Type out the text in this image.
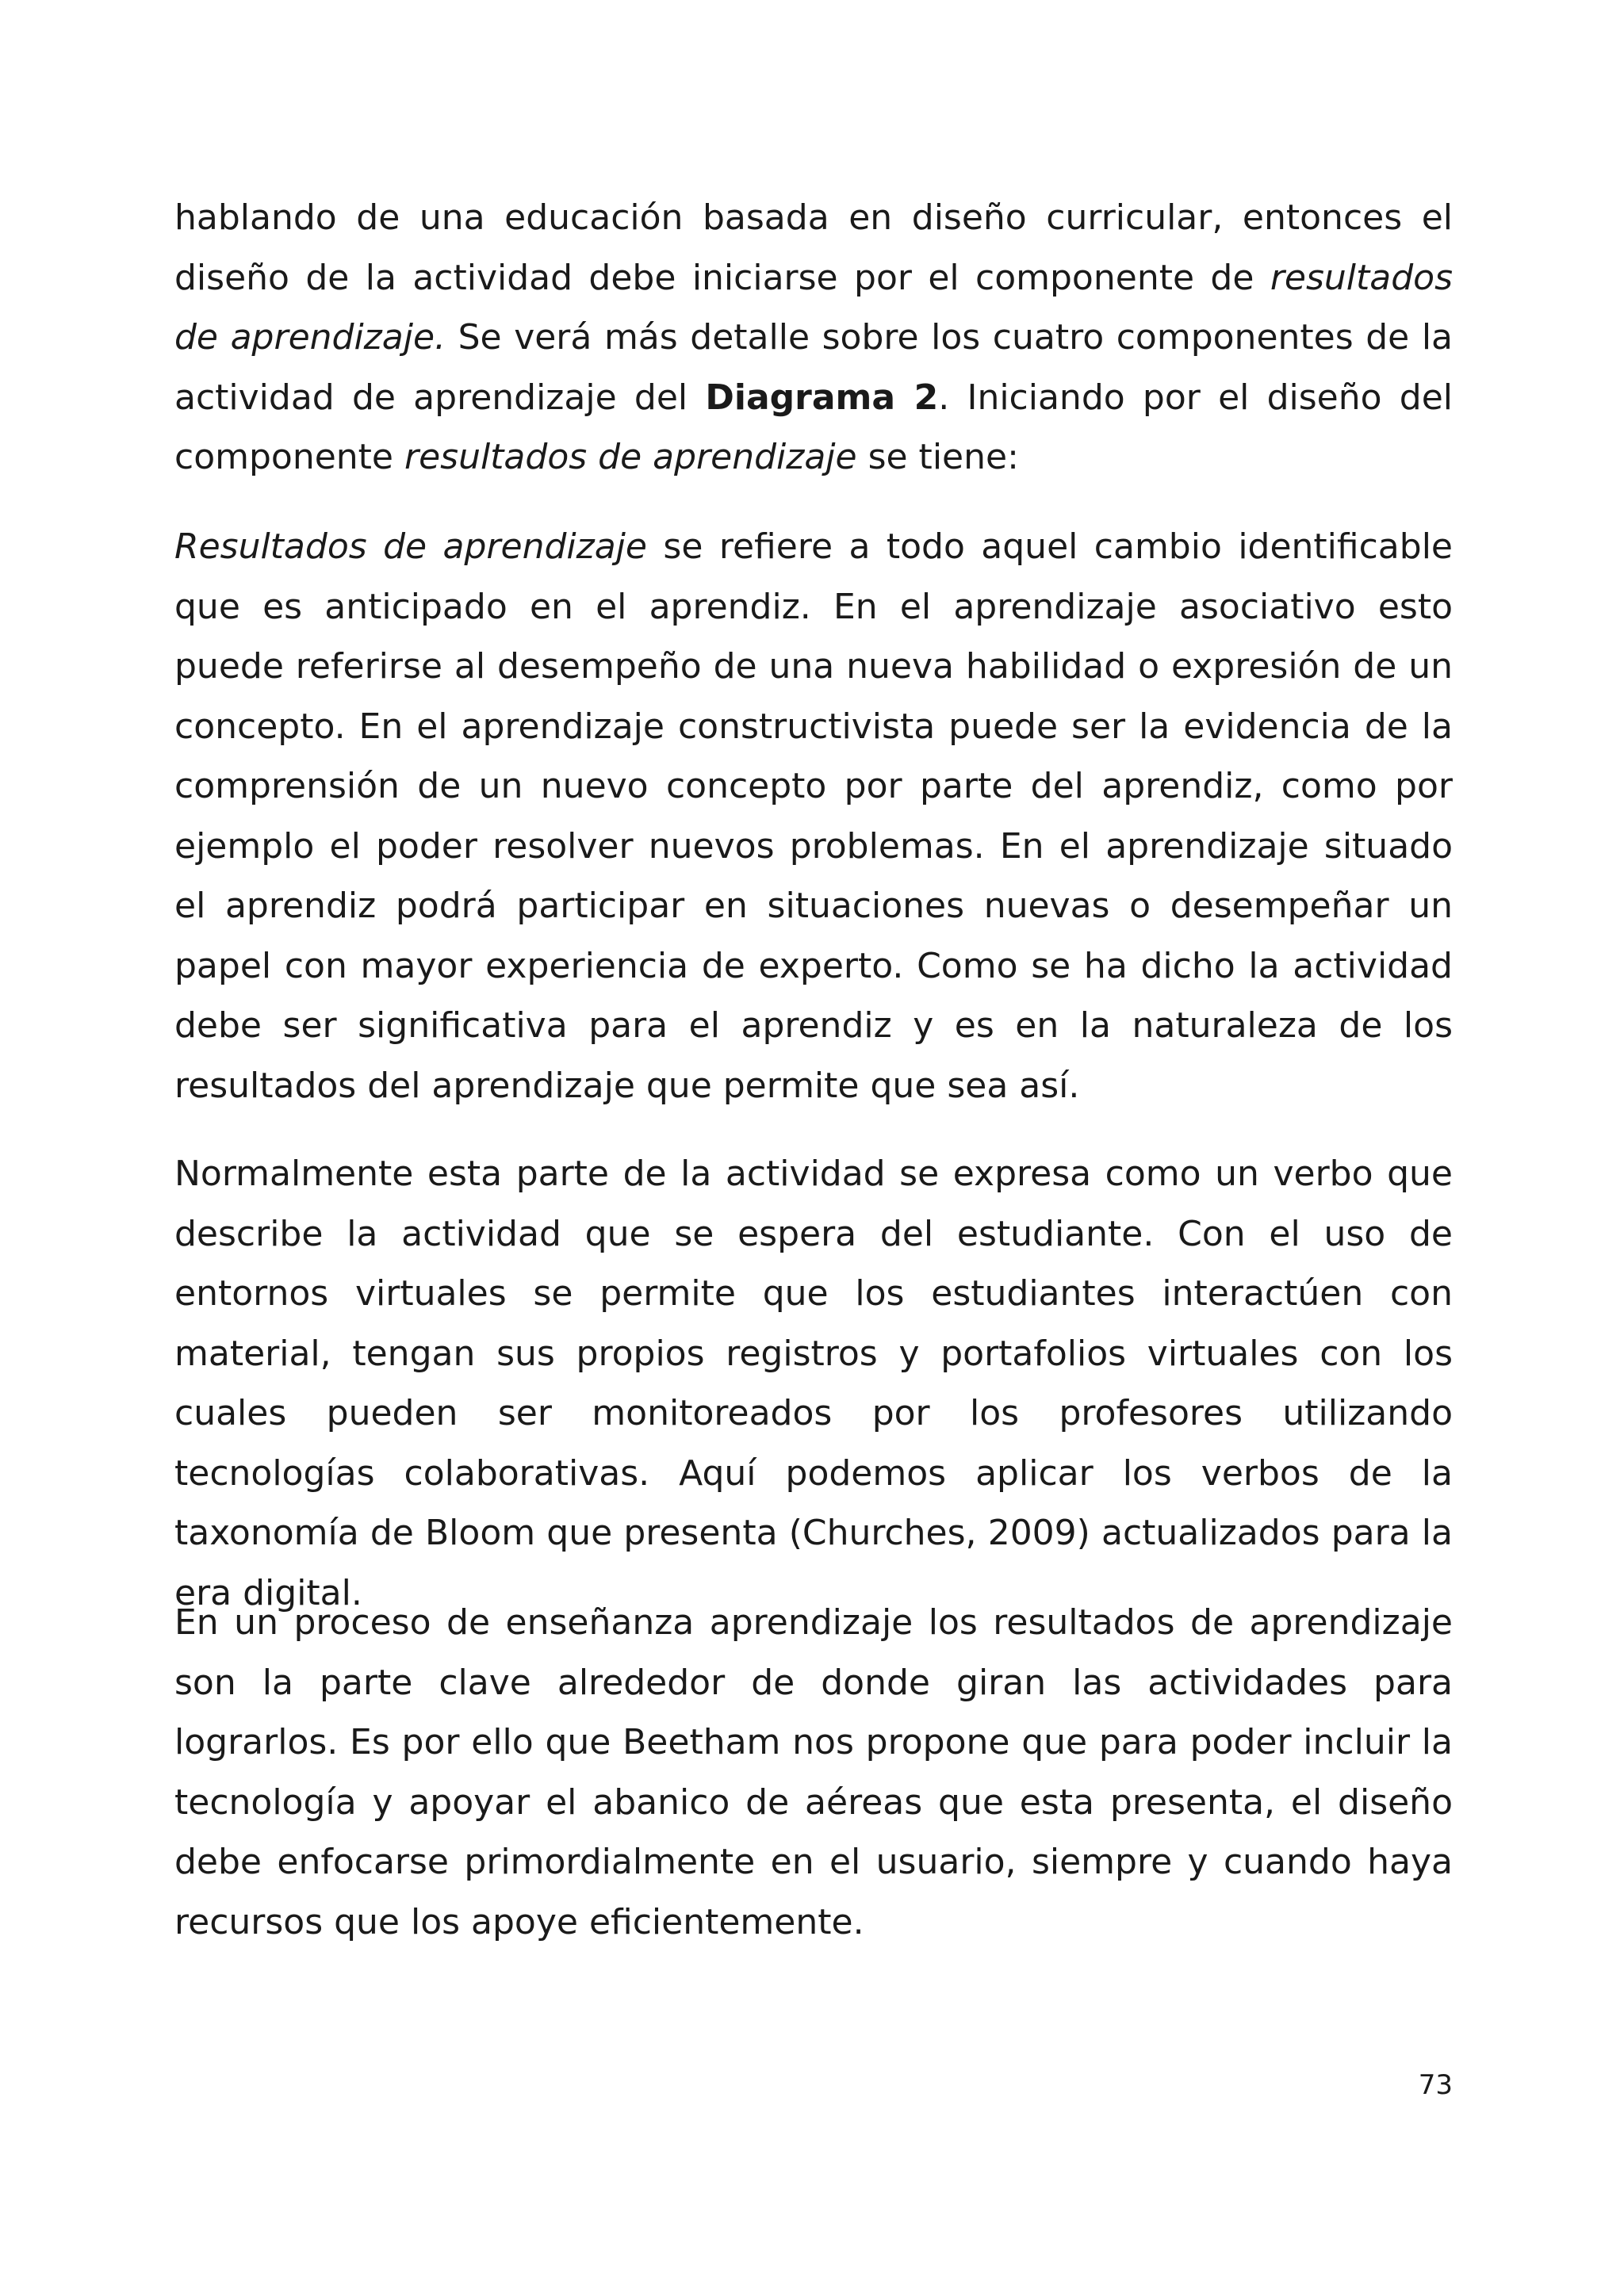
hablando de una educación basada en diseño curricular, entonces el diseño de la actividad debe iniciarse por el componente de resultados de aprendizaje. Se verá más detalle sobre los cuatro componentes de la actividad de aprendizaje del Diagrama 2. Iniciando por el diseño del componente resultados de aprendizaje se tiene:

Resultados de aprendizaje se refiere a todo aquel cambio identificable que es anticipado en el aprendiz. En el aprendizaje asociativo esto puede referirse al desempeño de una nueva habilidad o expresión de un concepto. En el aprendizaje constructivista puede ser la evidencia de la comprensión de un nuevo concepto por parte del aprendiz, como por ejemplo el poder resolver nuevos problemas. En el aprendizaje situado el aprendiz podrá participar en situaciones nuevas o desempeñar un papel con mayor experiencia de experto. Como se ha dicho la actividad debe ser significativa para el aprendiz y es en la naturaleza de los resultados del aprendizaje que permite que sea así.

Normalmente esta parte de la actividad se expresa como un verbo que describe la actividad que se espera del estudiante. Con el uso de entornos virtuales se permite que los estudiantes interactúen con material, tengan sus propios registros y portafolios virtuales con los cuales pueden ser monitoreados por los profesores utilizando tecnologías colaborativas. Aquí podemos aplicar los verbos de la taxonomía de Bloom que presenta (Churches, 2009) actualizados para la era digital.

En un proceso de enseñanza aprendizaje los resultados de aprendizaje son la parte clave alrededor de donde giran las actividades para lograrlos. Es por ello que Beetham nos propone que para poder incluir la tecnología y apoyar el abanico de aéreas que esta presenta, el diseño debe enfocarse primordialmente en el usuario, siempre y cuando haya recursos que los apoye eficientemente.

73
